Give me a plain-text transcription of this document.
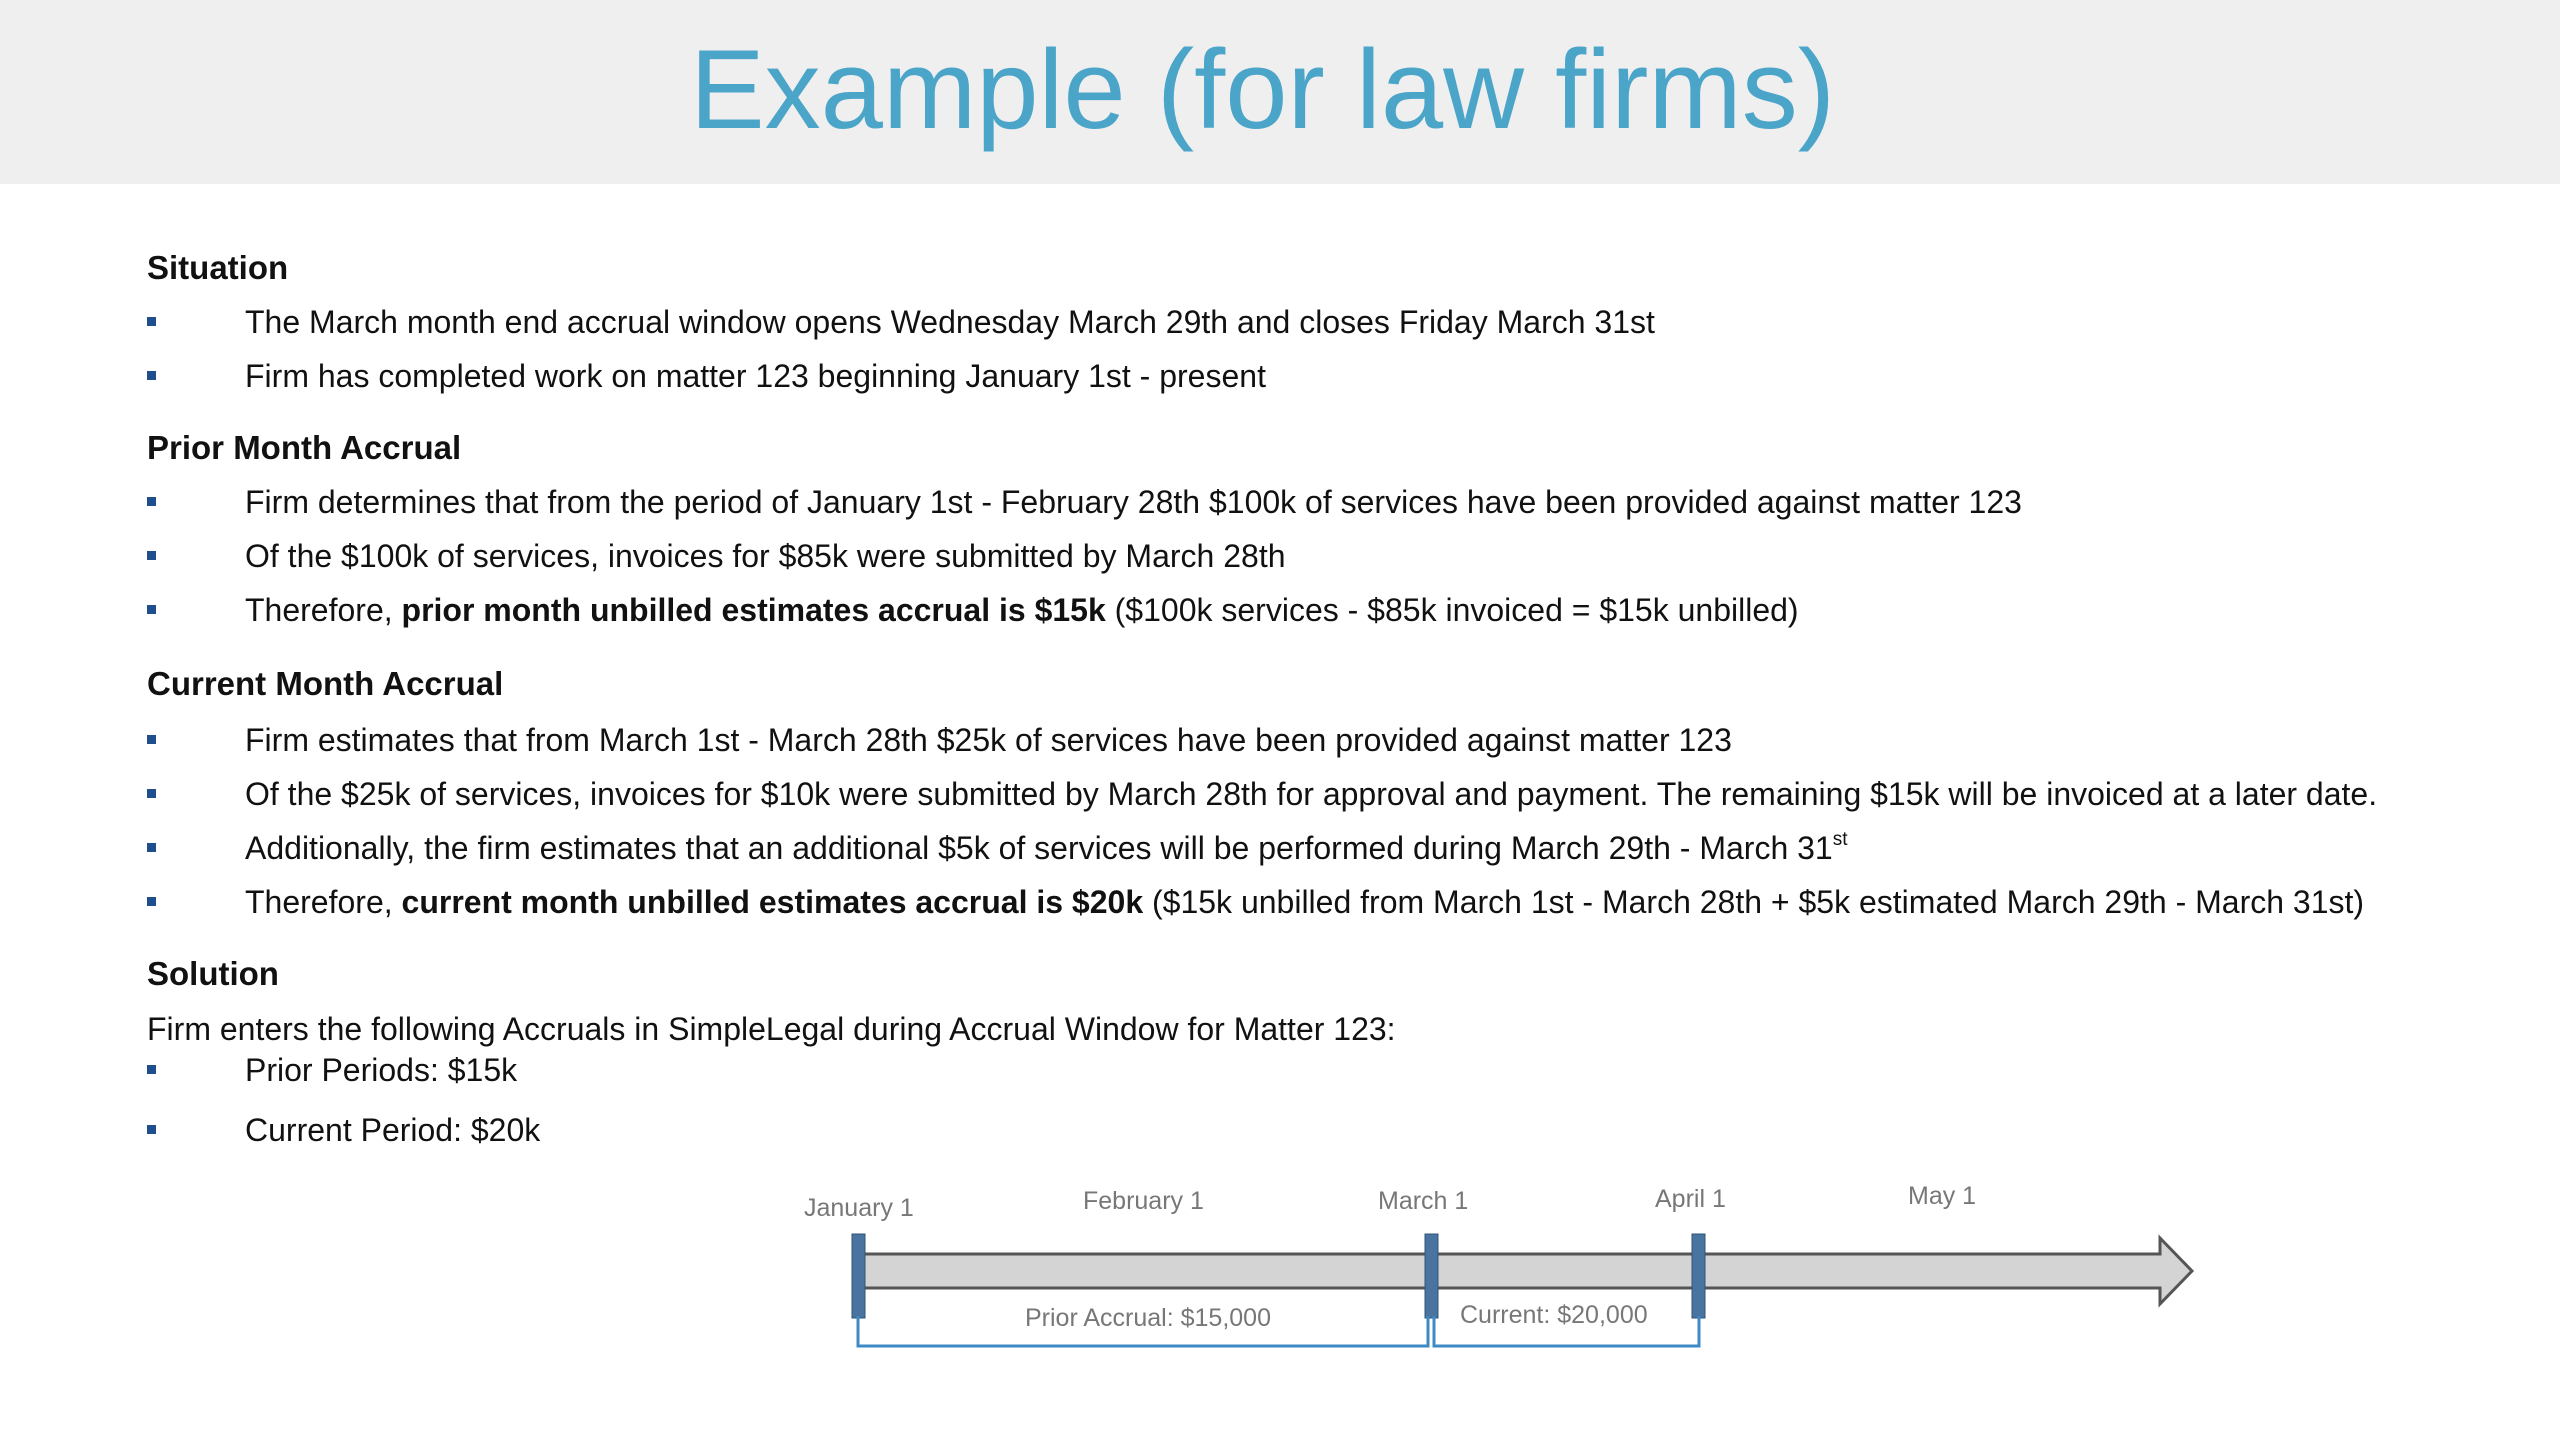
Example (for law firms)
Situation
The March month end accrual window opens Wednesday March 29th and closes Friday March 31st
Firm has completed work on matter 123 beginning January 1st - present
Prior Month Accrual
Firm determines that from the period of January 1st - February 28th $100k of services have been provided against matter 123
Of the $100k of services, invoices for $85k were submitted by March 28th
Therefore, prior month unbilled estimates accrual is $15k ($100k services - $85k invoiced = $15k unbilled)
Current Month Accrual
Firm estimates that from March 1st - March 28th $25k of services have been provided against matter 123
Of the $25k of services, invoices for $10k were submitted by March 28th for approval and payment. The remaining $15k will be invoiced at a later date.
Additionally, the firm estimates that an additional $5k of services will be performed during March 29th - March 31st
Therefore, current month unbilled estimates accrual is $20k ($15k unbilled from March 1st - March 28th + $5k estimated March 29th - March 31st)
Solution
Firm enters the following Accruals in SimpleLegal during Accrual Window for Matter 123:
Prior Periods: $15k
Current Period: $20k
January 1	February 1	March 1	April 1	May 1
Prior Accrual: $15,000	Current: $20,000
